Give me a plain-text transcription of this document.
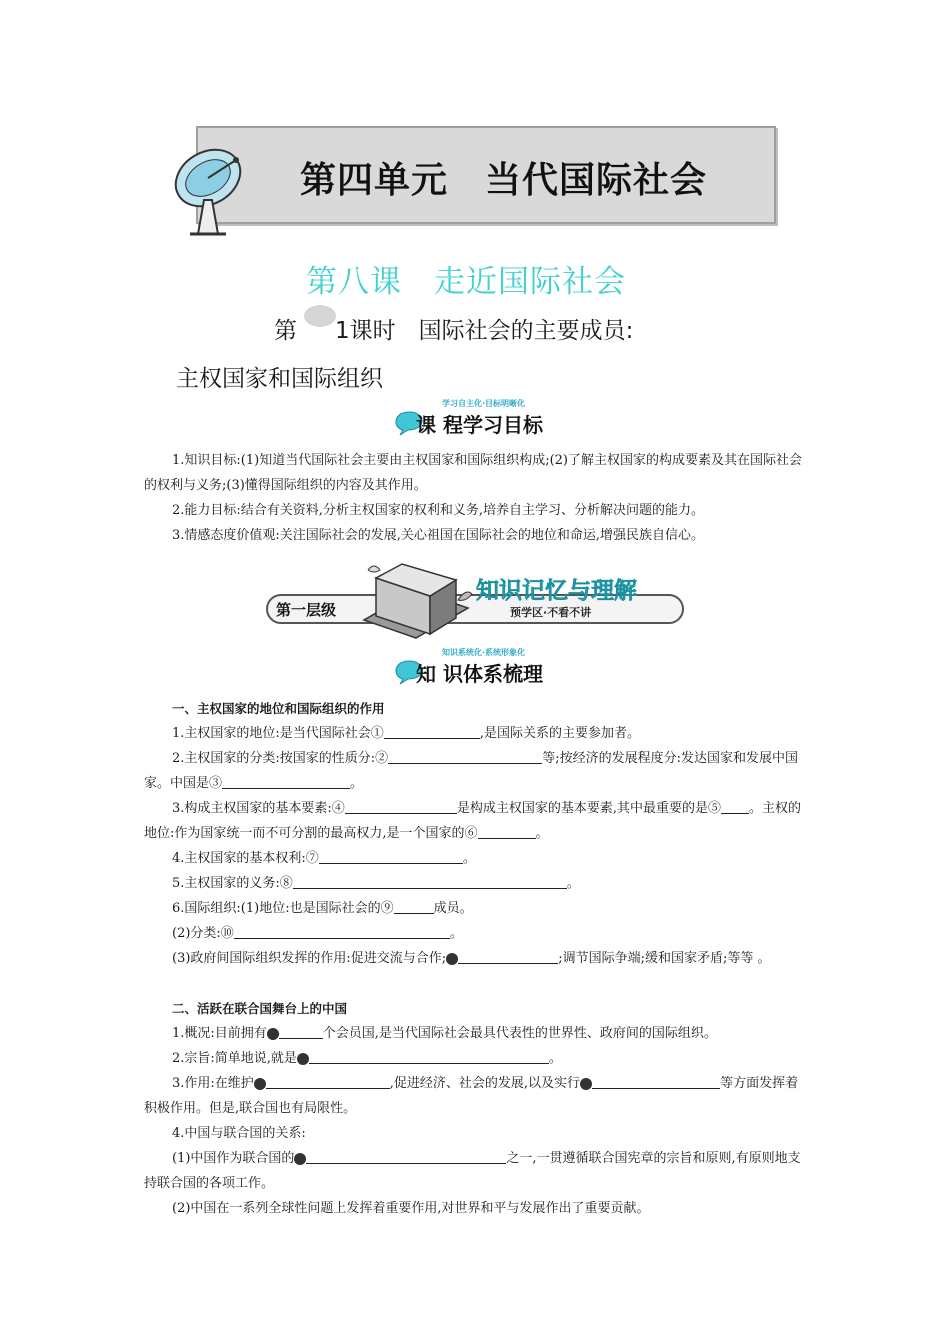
第四单元　当代国际社会
第八课　走近国际社会
第 1课时　国际社会的主要成员:
主权国家和国际组织
学习自主化·目标明晰化
课 程学习目标

1.知识目标:(1)知道当代国际社会主要由主权国家和国际组织构成;(2)了解主权国家的构成要素及其在国际社会的权利与义务;(3)懂得国际组织的内容及其作用。

2.能力目标:结合有关资料,分析主权国家的权利和义务,培养自主学习、分析解决问题的能力。

3.情感态度价值观:关注国际社会的发展,关心祖国在国际社会的地位和命运,增强民族自信心。

第一层级
知识记忆与理解
预学区·不看不讲
知识系统化·系统形象化
知 识体系梳理

一、主权国家的地位和国际组织的作用

1.主权国家的地位:是当代国际社会①	,是国际关系的主要参加者。

2.主权国家的分类:按国家的性质分:②	等;按经济的发展程度分:发达国家和发展中国家。中国是③	。

3.构成主权国家的基本要素:④	是构成主权国家的基本要素,其中最重要的是⑤ 。主权的地位:作为国家统一而不可分割的最高权力,是一个国家的⑥	。

4.主权国家的基本权利:⑦	。

5.主权国家的义务:⑧	。

6.国际组织:(1)地位:也是国际社会的⑨	成员。

(2)分类:⑩	。

(3)政府间国际组织发挥的作用:促进交流与合作;	11	;调节国际争端;缓和国家矛盾;等等 。

二、活跃在联合国舞台上的中国

1.概况:目前拥有	12 个会员国,是当代国际社会最具代表性的世界性、政府间的国际组织。

2.宗旨:简单地说,就是	13	。

3.作用:在维护	14	,促进经济、社会的发展,以及实行	15	等方面发挥着积极作用。但是,联合国也有局限性。

4.中国与联合国的关系:

(1)中国作为联合国的	16	之一,一贯遵循联合国宪章的宗旨和原则,有原则地支持联合国的各项工作。

(2)中国在一系列全球性问题上发挥着重要作用,对世界和平与发展作出了重要贡献。
